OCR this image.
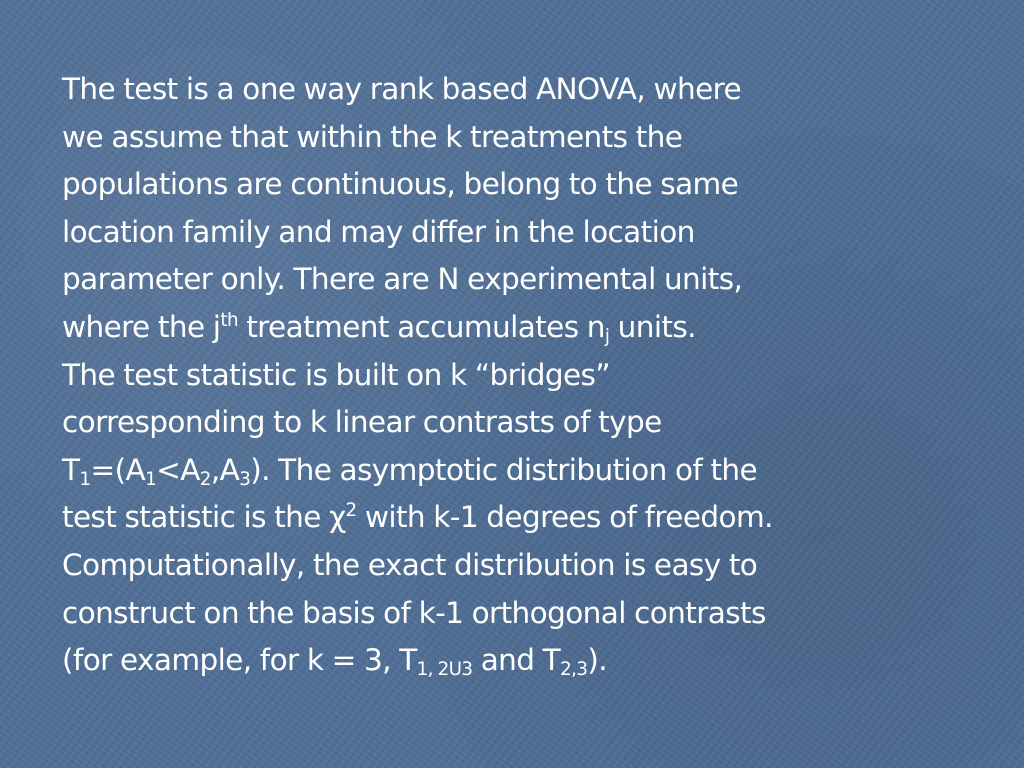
The test is a one way rank based ANOVA, where
we assume that within the k treatments the
populations are continuous, belong to the same
location family and may differ in the location
parameter only. There are N experimental units,
where the $j^{th}$ treatment accumulates $n_j$ units.
The test statistic is built on k “bridges”
corresponding to k linear contrasts of type
$T_1=(A_1<A_2,A_3)$. The asymptotic distribution of the
test statistic is the $\chi^2$ with k-1 degrees of freedom.
Computationally, the exact distribution is easy to
construct on the basis of k-1 orthogonal contrasts
(for example, for k = 3, $T_{1, 2U3}$ and $T_{2,3}$).
